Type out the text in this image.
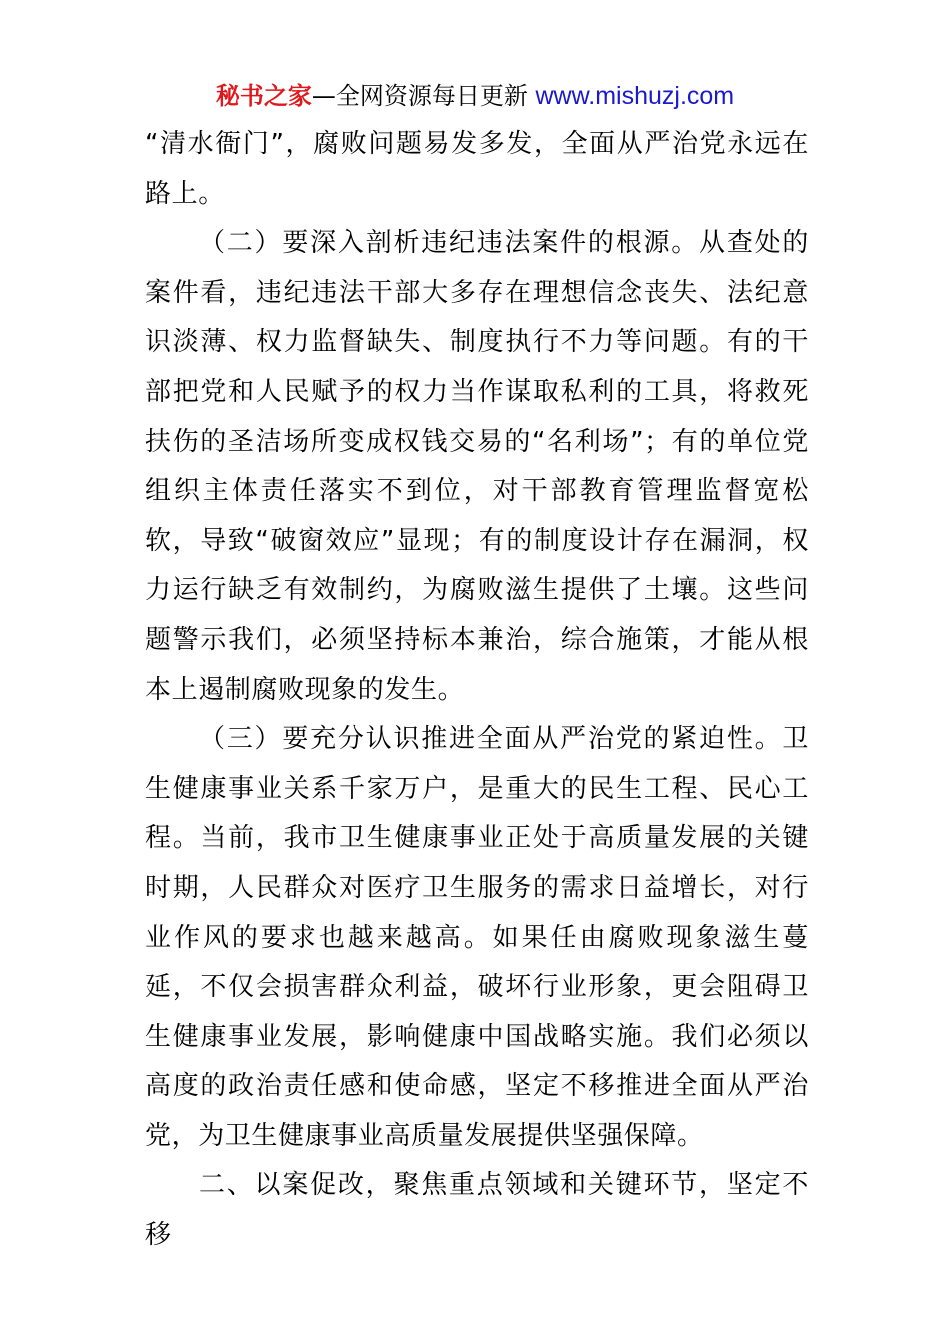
秘书之家—全网资源每日更新 www.mishuzj.com

“清水衙门”，腐败问题易发多发，全面从严治党永远在路上。

（二）要深入剖析违纪违法案件的根源。从查处的案件看，违纪违法干部大多存在理想信念丧失、法纪意识淡薄、权力监督缺失、制度执行不力等问题。有的干部把党和人民赋予的权力当作谋取私利的工具，将救死扶伤的圣洁场所变成权钱交易的“名利场”；有的单位党组织主体责任落实不到位，对干部教育管理监督宽松软，导致“破窗效应”显现；有的制度设计存在漏洞，权力运行缺乏有效制约，为腐败滋生提供了土壤。这些问题警示我们，必须坚持标本兼治，综合施策，才能从根本上遏制腐败现象的发生。

（三）要充分认识推进全面从严治党的紧迫性。卫生健康事业关系千家万户，是重大的民生工程、民心工程。当前，我市卫生健康事业正处于高质量发展的关键时期，人民群众对医疗卫生服务的需求日益增长，对行业作风的要求也越来越高。如果任由腐败现象滋生蔓延，不仅会损害群众利益，破坏行业形象，更会阻碍卫生健康事业发展，影响健康中国战略实施。我们必须以高度的政治责任感和使命感，坚定不移推进全面从严治党，为卫生健康事业高质量发展提供坚强保障。

二、以案促改，聚焦重点领域和关键环节，坚定不移
